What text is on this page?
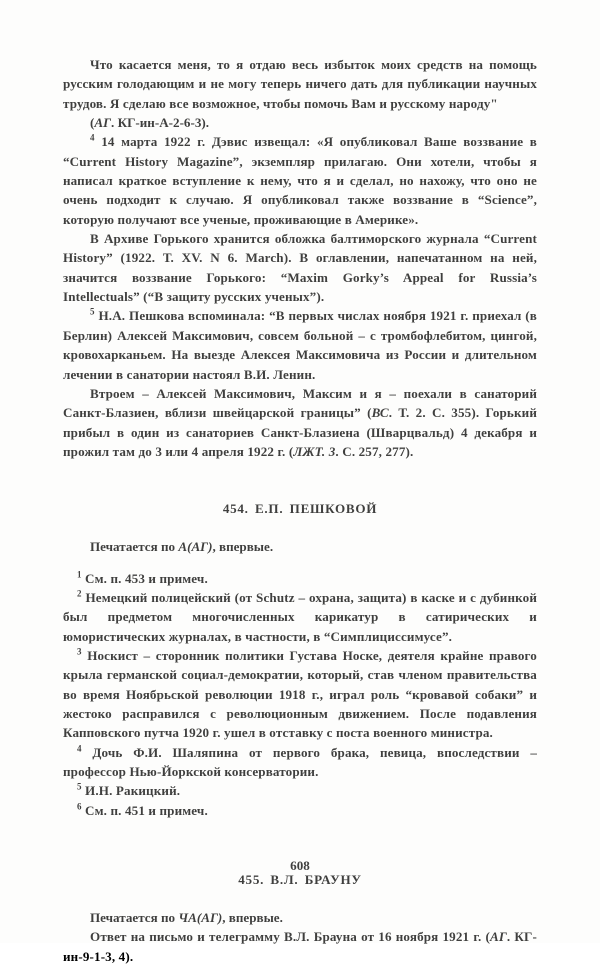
Что касается меня, то я отдаю весь избыток моих средств на помощь русским голодающим и не могу теперь ничего дать для публикации научных трудов. Я сделаю все возможное, чтобы помочь Вам и русскому народу"

(АГ. КГ-ин-А-2-6-3).

$^4$ 14 марта 1922 г. Дэвис извещал: «Я опубликовал Ваше воззвание в “Current History Magazine”, экземпляр прилагаю. Они хотели, чтобы я написал краткое вступление к нему, что я и сделал, но нахожу, что оно не очень подходит к случаю. Я опубликовал также воззвание в “Science”, которую получают все ученые, проживающие в Америке».

В Архиве Горького хранится обложка балтиморского журнала “Current History” (1922. Т. XV. N 6. March). В оглавлении, напечатанном на ней, значится воззвание Горького: “Maxim Gorky’s Appeal for Russia’s Intellectuals” (“В защиту русских ученых”).

$^5$ Н.А. Пешкова вспоминала: “В первых числах ноября 1921 г. приехал (в Берлин) Алексей Максимович, совсем больной – с тромбофлебитом, цингой, кровохарканьем. На выезде Алексея Максимовича из России и длительном лечении в санатории настоял В.И. Ленин.

Втроем – Алексей Максимович, Максим и я – поехали в санаторий Санкт-Блазиен, вблизи швейцарской границы” (ВС. Т. 2. С. 355). Горький прибыл в один из санаториев Санкт-Блазиена (Шварцвальд) 4 декабря и прожил там до 3 или 4 апреля 1922 г. (ЛЖТ. 3. С. 257, 277).

454. Е.П. ПЕШКОВОЙ

Печатается по А(АГ), впервые.

$^1$ См. п. 453 и примеч.

$^2$ Немецкий полицейский (от Schutz – охрана, защита) в каске и с дубинкой был предметом многочисленных карикатур в сатирических и юмористических журналах, в частности, в “Симплициссимусе”.

$^3$ Носкист – сторонник политики Густава Носке, деятеля крайне правого крыла германской социал-демократии, который, став членом правительства во время Ноябрьской революции 1918 г., играл роль “кровавой собаки” и жестоко расправился с революционным движением. После подавления Капповского путча 1920 г. ушел в отставку с поста военного министра.

$^4$ Дочь Ф.И. Шаляпина от первого брака, певица, впоследствии – профессор Нью-Йоркской консерватории.

$^5$ И.Н. Ракицкий.

$^6$ См. п. 451 и примеч.

455. В.Л. БРАУНУ

Печатается по ЧА(АГ), впервые.

Ответ на письмо и телеграмму В.Л. Брауна от 16 ноября 1921 г. (АГ. КГ-ин-9-1-3, 4).

608
